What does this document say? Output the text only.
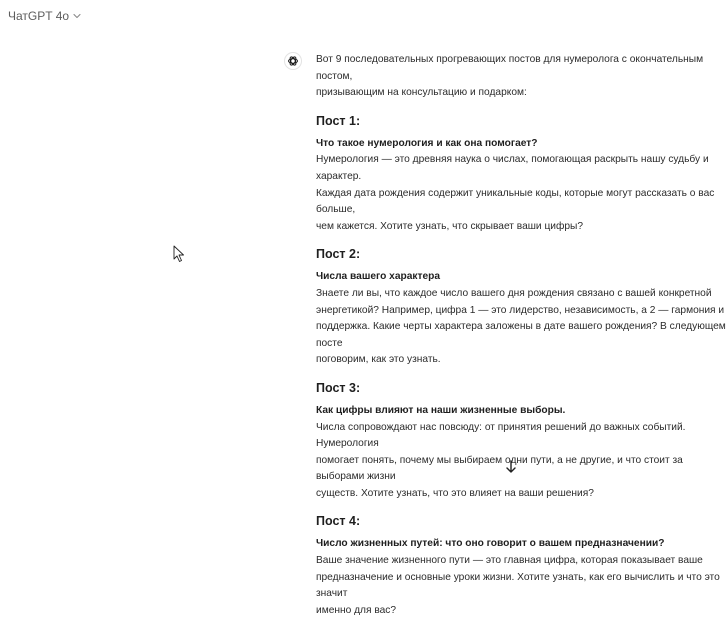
ЧатGPT 4о

Вот 9 последовательных прогревающих постов для нумеролога с окончательным постом,
призывающим на консультацию и подарком:

Пост 1:

Что такое нумерология и как она помогает?

Нумерология — это древняя наука о числах, помогающая раскрыть нашу судьбу и характер.
Каждая дата рождения содержит уникальные коды, которые могут рассказать о вас больше,
чем кажется. Хотите узнать, что скрывает ваши цифры?

Пост 2:

Числа вашего характера

Знаете ли вы, что каждое число вашего дня рождения связано с вашей конкретной
энергетикой? Например, цифра 1 — это лидерство, независимость, а 2 — гармония и
поддержка. Какие черты характера заложены в дате вашего рождения? В следующем посте
поговорим, как это узнать.

Пост 3:

Как цифры влияют на наши жизненные выборы.

Числа сопровождают нас повсюду: от принятия решений до важных событий. Нумерология
помогает понять, почему мы выбираем одни пути, а не другие, и что стоит за выборами жизни
существ. Хотите узнать, что это влияет на ваши решения?

Пост 4:

Число жизненных путей: что оно говорит о вашем предназначении?

Ваше значение жизненного пути — это главная цифра, которая показывает ваше
предназначение и основные уроки жизни. Хотите узнать, как его вычислить и что это значит
именно для вас?
